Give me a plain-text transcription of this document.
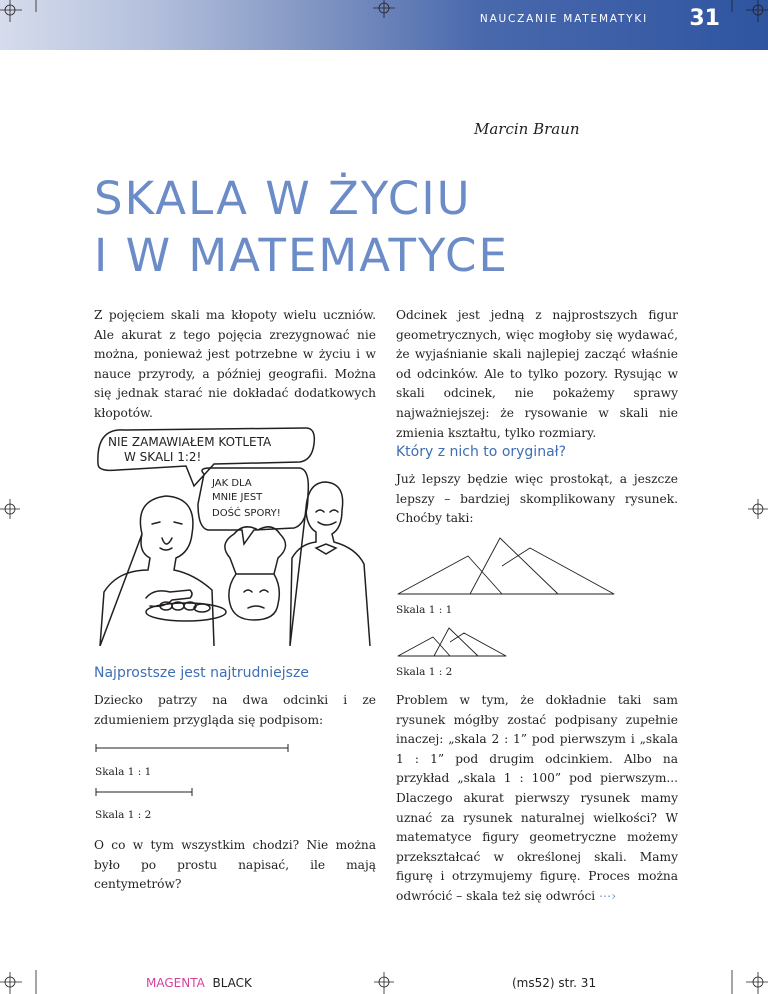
NAUCZANIE MATEMATYKI 31
Marcin Braun
SKALA W ŻYCIU
I W MATEMATYCE

Z pojęciem skali ma kłopoty wielu uczniów. Ale akurat z tego pojęcia zrezygnować nie można, ponieważ jest potrzebne w życiu i w nauce przyrody, a później geografii. Można się jednak starać nie dokładać dodatkowych kłopotów.

NIE ZAMAWIAŁEM KOTLETA
W SKALI 1:2!
JAK DLA
MNIE JEST
DOŚĆ SPORY!
Najprostsze jest najtrudniejsze

Dziecko patrzy na dwa odcinki i ze zdumieniem przygląda się podpisom:

Skala 1 : 1
Skala 1 : 2

O co w tym wszystkim chodzi? Nie można było po prostu napisać, ile mają centymetrów?

Odcinek jest jedną z najprostszych figur geometrycznych, więc mogłoby się wydawać, że wyjaśnianie skali najlepiej zacząć właśnie od odcinków. Ale to tylko pozory. Rysując w skali odcinek, nie pokażemy sprawy najważniejszej: że rysowanie w skali nie zmienia kształtu, tylko rozmiary.

Który z nich to oryginał?

Już lepszy będzie więc prostokąt, a jeszcze lepszy – bardziej skomplikowany rysunek. Choćby taki:

Skala 1 : 1
Skala 1 : 2

Problem w tym, że dokładnie taki sam rysunek mógłby zostać podpisany zupełnie inaczej: „skala 2 : 1” pod pierwszym i „skala 1 : 1” pod drugim odcinkiem. Albo na przykład „skala 1 : 100” pod pierwszym... Dlaczego akurat pierwszy rysunek mamy uznać za rysunek naturalnej wielkości? W matematyce figury geometryczne możemy przekształcać w określonej skali. Mamy figurę i otrzymujemy figurę. Proces można odwrócić – skala też się odwróci ⋯›

MAGENTA BLACK	(ms52) str. 31
